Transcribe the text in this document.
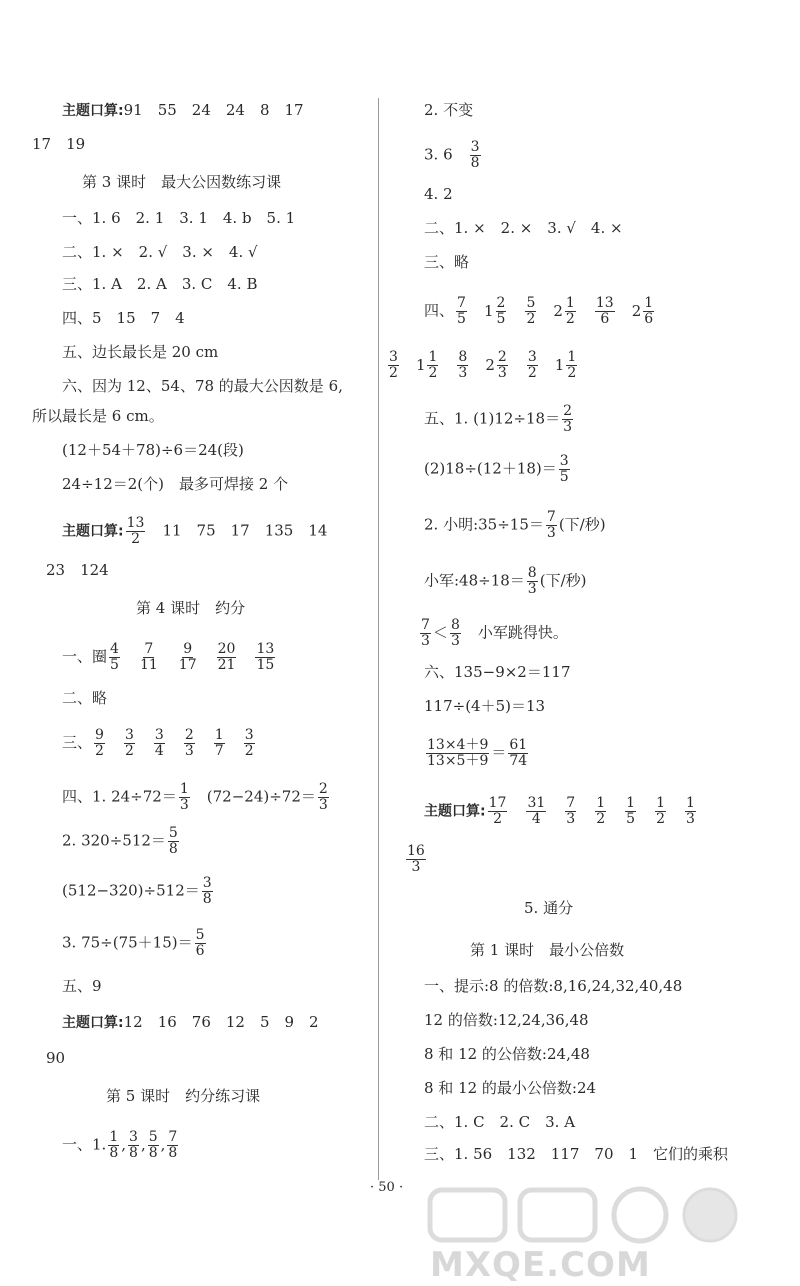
主题口算:91　55　24　24　8　17
17　19
第 3 课时　最大公因数练习课
一、1. 6　2. 1　3. 1　4. b　5. 1
二、1. ×　2. √　3. ×　4. √
三、1. A　2. A　3. C　4. B
四、5　15　7　4
五、边长最长是 20 cm
六、因为 12、54、78 的最大公因数是 6,
所以最长是 6 cm。
(12＋54＋78)÷6＝24(段)
24÷12＝2(个)　最多可焊接 2 个
主题口算: $\frac{13}{2}$
　 11　75　17　135　14
23　124
第 4 课时　约分
一、圈 $\frac{4}{5}$
　 $\frac{7}{11}$
　 $\frac{9}{17}$
　 $\frac{20}{21}$
　 $\frac{13}{15}$
二、略
三、 $\frac{9}{2}$
　 $\frac{3}{2}$
　 $\frac{3}{4}$
　 $\frac{2}{3}$
　 $\frac{1}{7}$
　 $\frac{3}{2}$
四、1. $24\div 72= \frac{1}{3}$
　 $(72-24)\div 72= \frac{2}{3}$
2. $320\div 512= \frac{5}{8}$
$(512-320)\div 512= \frac{3}{8}$
3. $75\div(75+15)= \frac{5}{6}$
五、9
主题口算:12　16　76　12　5　9　2
90
第 5 课时　约分练习课
一、1. $\frac{1}{8}$ , $\frac{3}{8}$ , $\frac{5}{8}$ , $\frac{7}{8}$
2. 不变
3. 6　 $\frac{3}{8}$
4. 2
二、1. ×　2. ×　3. √　4. ×
三、略
四、 $\frac{7}{5}$
　 $1 \frac{2}{5}$
　 $\frac{5}{2}$
　 $2 \frac{1}{2}$
　 $\frac{13}{6}$
　 $2 \frac{1}{6}$
$\frac{3}{2}$
　 $1 \frac{1}{2}$
　 $\frac{8}{3}$
　 $2 \frac{2}{3}$
　 $\frac{3}{2}$
　 $1 \frac{1}{2}$
五、1. $(1)12\div 18= \frac{2}{3}$
$(2)18\div(12+18)= \frac{3}{5}$
2. 小明:35÷15＝ $\frac{7}{3}$ (下/秒)
小军:48÷18＝ $\frac{8}{3}$ (下/秒)
$\frac{7}{3} < \frac{8}{3}$
　 小军跳得快。
六、135−9×2＝117
117÷(4＋5)＝13
$\frac{13\times 4+9}{13\times 5+9} = \frac{61}{74}$
主题口算: $\frac{17}{2}$
　 $\frac{31}{4}$
　 $\frac{7}{3}$
　 $\frac{1}{2}$
　 $\frac{1}{5}$
　 $\frac{1}{2}$
　 $\frac{1}{3}$
$\frac{16}{3}$
5. 通分
第 1 课时　最小公倍数
一、提示:8 的倍数:8,16,24,32,40,48
12 的倍数:12,24,36,48
8 和 12 的公倍数:24,48
8 和 12 的最小公倍数:24
二、1. C　2. C　3. A
三、1. 56　132　117　70　1　它们的乘积
· 50 ·
MXQE.COM
